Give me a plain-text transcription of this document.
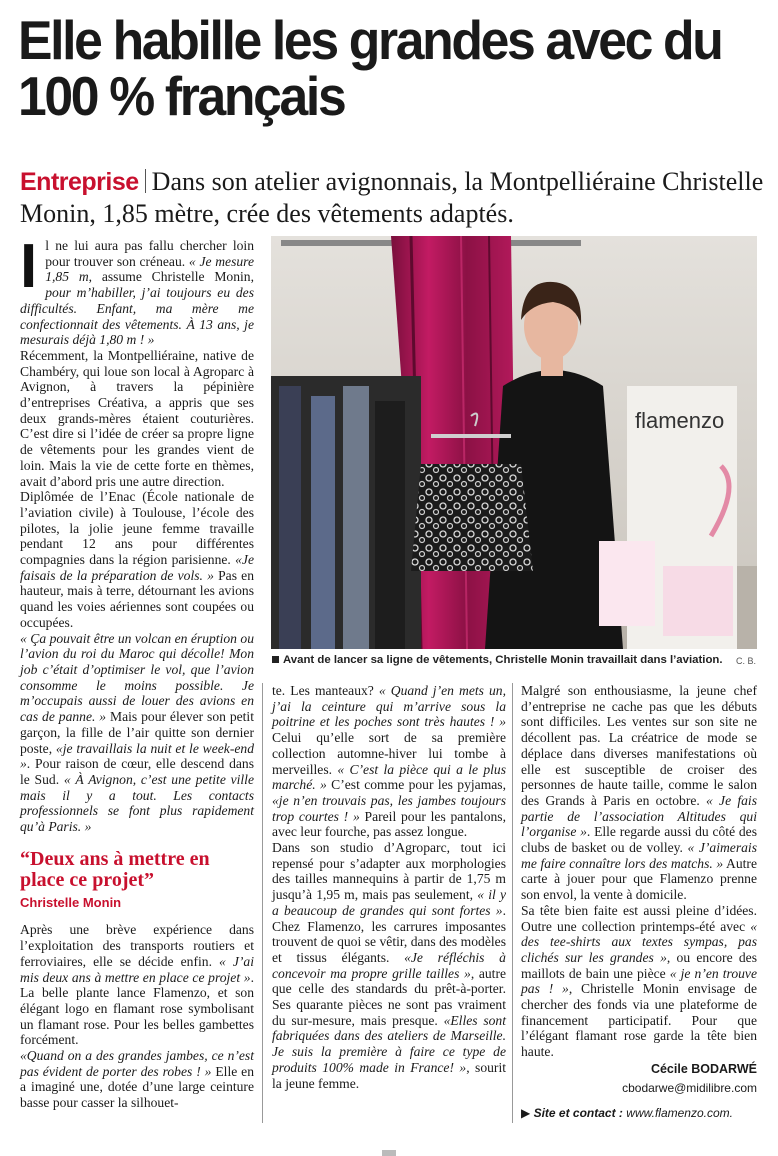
Elle habille les grandes avec du 100 % français
Entreprise Dans son atelier avignonnais, la Montpelliéraine Christelle Monin, 1,85 mètre, crée des vêtements adaptés.

Il ne lui aura pas fallu chercher loin pour trouver son créneau. « Je mesure 1,85 m, assume Christelle Monin, pour m’habiller, j’ai toujours eu des difficultés. Enfant, ma mère me confectionnait des vêtements. À 13 ans, je mesurais déjà 1,80 m ! »

Récemment, la Montpelliéraine, native de Chambéry, qui loue son local à Agroparc à Avignon, à travers la pépinière d’entreprises Créativa, a appris que ses deux grands-mères étaient couturières. C’est dire si l’idée de créer sa propre ligne de vêtements pour les grandes vient de loin. Mais la vie de cette forte en thèmes, avait d’abord pris une autre direction.

Diplômée de l’Enac (École nationale de l’aviation civile) à Toulouse, l’école des pilotes, la jolie jeune femme travaille pendant 12 ans pour différentes compagnies dans la région parisienne. «Je faisais de la préparation de vols. » Pas en hauteur, mais à terre, détournant les avions quand les voies aériennes sont coupées ou occupées.

« Ça pouvait être un volcan en éruption ou l’avion du roi du Maroc qui décolle! Mon job c’était d’optimiser le vol, que l’avion consomme le moins possible. Je m’occupais aussi de louer des avions en cas de panne. » Mais pour élever son petit garçon, la fille de l’air quitte son dernier poste, «je travaillais la nuit et le week-end ». Pour raison de cœur, elle descend dans le Sud. « À Avignon, c’est une petite ville mais il y a tout. Les contacts professionnels se font plus rapidement qu’à Paris. »

“Deux ans à mettre en place ce projet”
Christelle Monin

Après une brève expérience dans l’exploitation des transports routiers et ferroviaires, elle se décide enfin. « J’ai mis deux ans à mettre en place ce projet ». La belle plante lance Flamenzo, et son élégant logo en flamant rose symbolisant un flamant rose. Pour les belles gambettes forcément.

«Quand on a des grandes jambes, ce n’est pas évident de porter des robes ! » Elle en a imaginé une, dotée d’une large ceinture basse pour casser la silhouet-

flamenzo
Avant de lancer sa ligne de vêtements, Christelle Monin travaillait dans l’aviation.	C. B.

te. Les manteaux? « Quand j’en mets un, j’ai la ceinture qui m’arrive sous la poitrine et les poches sont très hautes ! » Celui qu’elle sort de sa première collection automne-hiver lui tombe à merveilles. « C’est la pièce qui a le plus marché. » C’est comme pour les pyjamas, «je n’en trouvais pas, les jambes toujours trop courtes ! » Pareil pour les pantalons, avec leur fourche, pas assez longue.

Dans son studio d’Agroparc, tout ici repensé pour s’adapter aux morphologies des tailles mannequins à partir de 1,75 m jusqu’à 1,95 m, mais pas seulement, « il y a beaucoup de grandes qui sont fortes ». Chez Flamenzo, les carrures imposantes trouvent de quoi se vêtir, dans des modèles et tissus élégants. «Je réfléchis à concevoir ma propre grille tailles », autre que celle des standards du prêt-à-porter. Ses quarante pièces ne sont pas vraiment du sur-mesure, mais presque. «Elles sont fabriquées dans des ateliers de Marseille. Je suis la première à faire ce type de produits 100% made in France! », sourit la jeune femme.

Malgré son enthousiasme, la jeune chef d’entreprise ne cache pas que les débuts sont difficiles. Les ventes sur son site ne décollent pas. La créatrice de mode se déplace dans diverses manifestations où elle est susceptible de croiser des personnes de haute taille, comme le salon des Grands à Paris en octobre. « Je fais partie de l’association Altitudes qui l’organise ». Elle regarde aussi du côté des clubs de basket ou de volley. « J’aimerais me faire connaître lors des matchs. » Autre carte à jouer pour que Flamenzo prenne son envol, la vente à domicile.

Sa tête bien faite est aussi pleine d’idées. Outre une collection printemps-été avec « des tee-shirts aux textes sympas, pas clichés sur les grandes », ou encore des maillots de bain une pièce « je n’en trouve pas ! », Christelle Monin envisage de chercher des fonds via une plateforme de financement participatif. Pour que l’élégant flamant rose garde la tête bien haute.

Cécile BODARWÉ
cbodarwe@midilibre.com
▶ Site et contact : www.flamenzo.com.
